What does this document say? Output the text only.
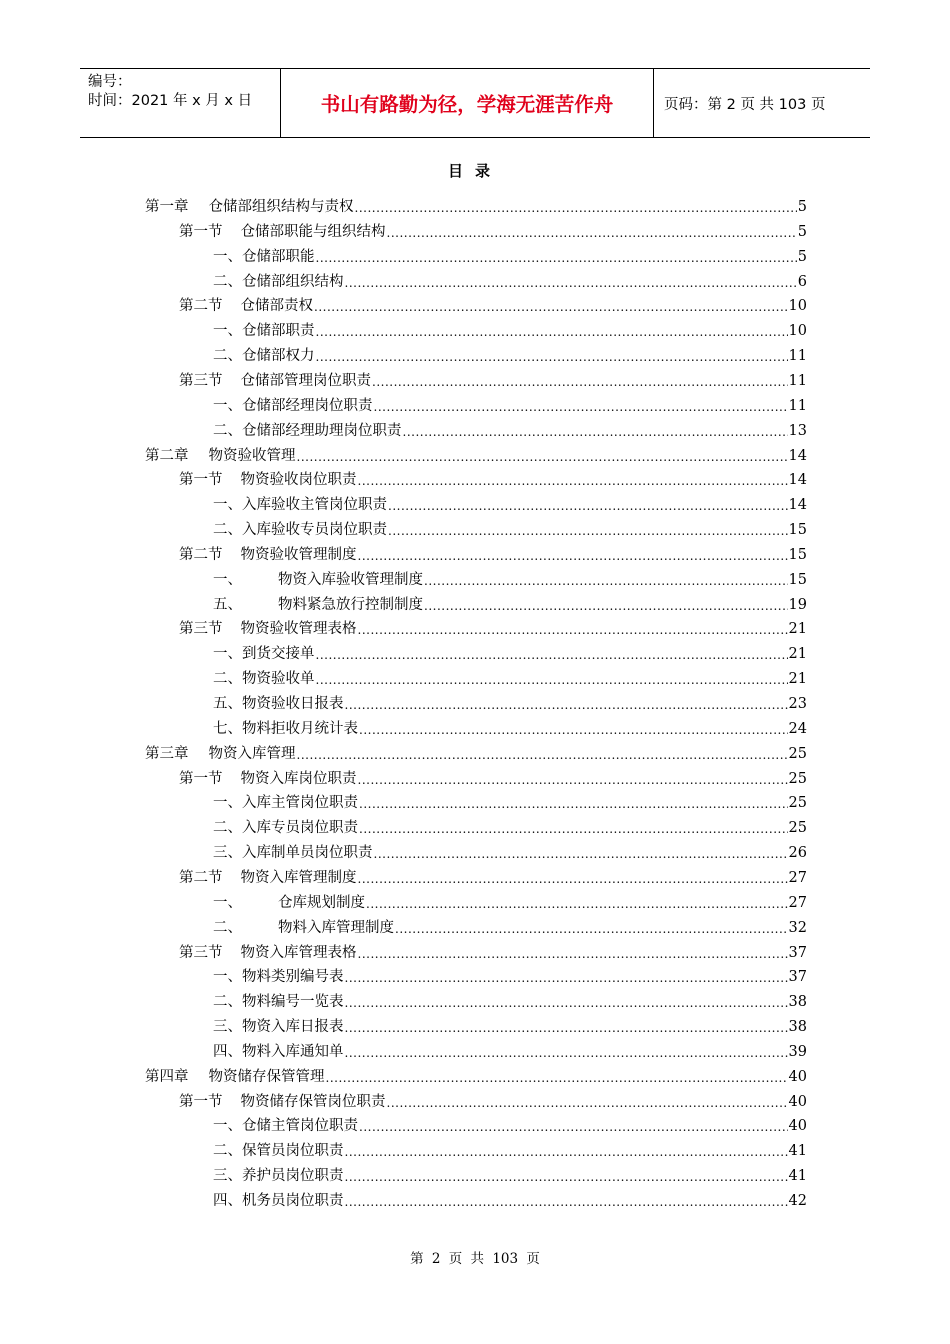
编号：
时间：2021 年 x 月 x 日	书山有路勤为径，学海无涯苦作舟	页码：第 2 页 共 103 页
目录
第一章 仓储部组织结构与责权 .....	5
第一节 仓储部职能与组织结构 .....	5
一、仓储部职能 .....	5
二、仓储部组织结构 .....	6
第二节 仓储部责权 .....	10
一、仓储部职责 .....	10
二、仓储部权力 .....	11
第三节 仓储部管理岗位职责 .....	11
一、仓储部经理岗位职责 .....	11
二、仓储部经理助理岗位职责 .....	13
第二章 物资验收管理 .....	14
第一节 物资验收岗位职责 .....	14
一、入库验收主管岗位职责 .....	14
二、入库验收专员岗位职责 .....	15
第二节 物资验收管理制度 .....	15
一、 物资入库验收管理制度 .....	15
五、 物料紧急放行控制制度 .....	19
第三节 物资验收管理表格 .....	21
一、到货交接单 .....	21
二、物资验收单 .....	21
五、物资验收日报表 .....	23
七、物料拒收月统计表 .....	24
第三章 物资入库管理 .....	25
第一节 物资入库岗位职责 .....	25
一、入库主管岗位职责 .....	25
二、入库专员岗位职责 .....	25
三、入库制单员岗位职责 .....	26
第二节 物资入库管理制度 .....	27
一、 仓库规划制度 .....	27
二、 物料入库管理制度 .....	32
第三节 物资入库管理表格 .....	37
一、物料类别编号表 .....	37
二、物料编号一览表 .....	38
三、物资入库日报表 .....	38
四、物料入库通知单 .....	39
第四章 物资储存保管管理 .....	40
第一节 物资储存保管岗位职责 .....	40
一、仓储主管岗位职责 .....	40
二、保管员岗位职责 .....	41
三、养护员岗位职责 .....	41
四、机务员岗位职责 .....	42
第 2 页 共 103 页
